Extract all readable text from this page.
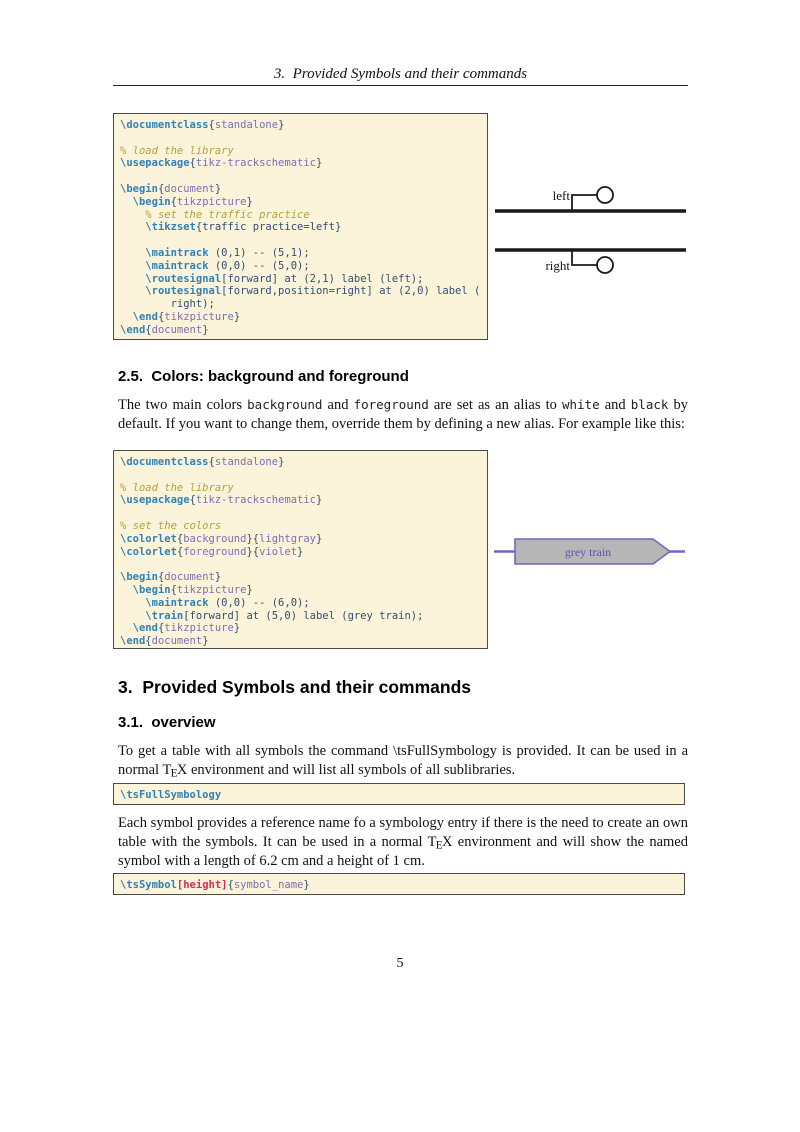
3.  Provided Symbols and their commands
\documentclass{standalone}

% load the library
\usepackage{tikz-trackschematic}

\begin{document}
\begin{tikzpicture}
% set the traffic practice
\tikzset{traffic practice=left}

\maintrack (0,1) -- (5,1);
\maintrack (0,0) -- (5,0);
\routesignal[forward] at (2,1) label (left);
\routesignal[forward,position=right] at (2,0) label (
right);
\end{tikzpicture}
\end{document}
left
right
2.5.  Colors: background and foreground
The two main colors background and foreground are set as an alias to white and black by default. If you want to change them, override them by defining a new alias. For example like this:
\documentclass{standalone}

% load the library
\usepackage{tikz-trackschematic}

% set the colors
\colorlet{background}{lightgray}
\colorlet{foreground}{violet}

\begin{document}
\begin{tikzpicture}
\maintrack (0,0) -- (6,0);
\train[forward] at (5,0) label (grey train);
\end{tikzpicture}
\end{document}
grey train
3.  Provided Symbols and their commands
3.1.  overview
To get a table with all symbols the command \tsFullSymbology is provided. It can be used in a normal TEX environment and will list all symbols of all sublibraries.
\tsFullSymbology
Each symbol provides a reference name fo a symbology entry if there is the need to create an own table with the symbols. It can be used in a normal TEX environment and will show the named symbol with a length of 6.2 cm and a height of 1 cm.
\tsSymbol[height]{symbol_name}
5
